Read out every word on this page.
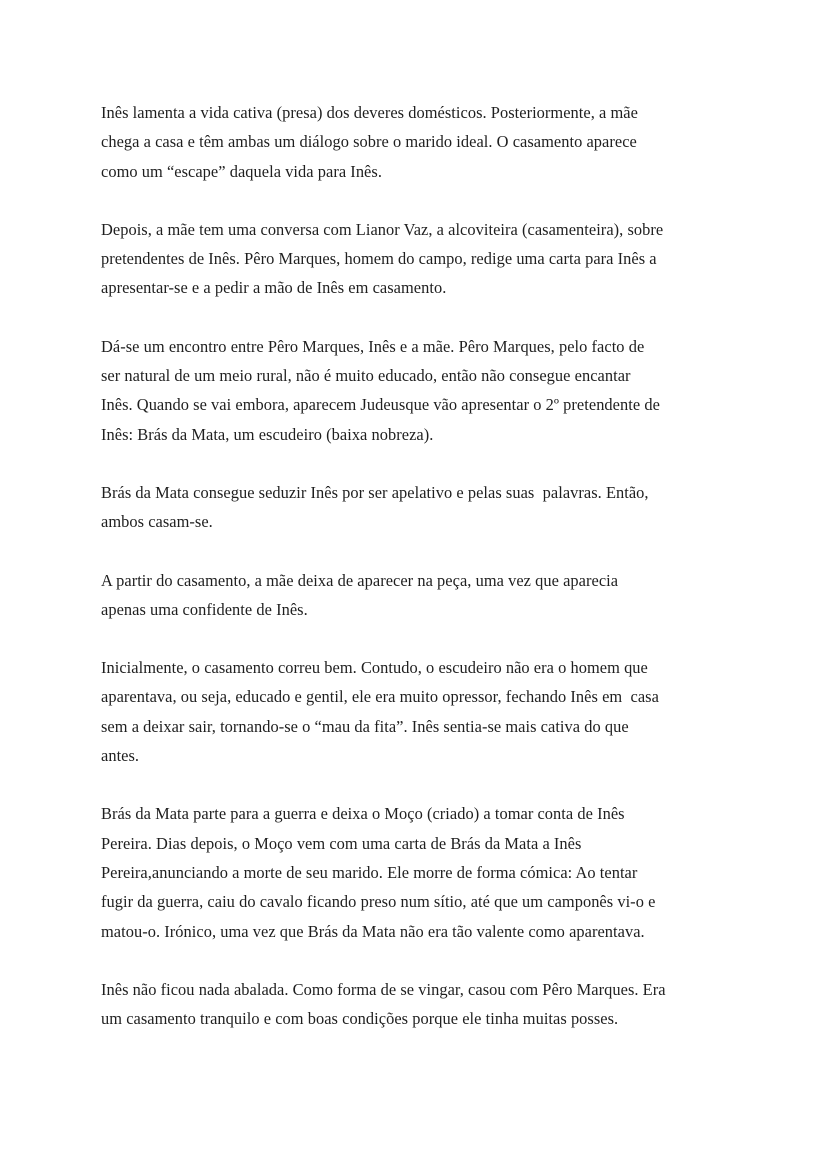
Inês lamenta a vida cativa (presa) dos deveres domésticos. Posteriormente, a mãe
chega a casa e têm ambas um diálogo sobre o marido ideal. O casamento aparece
como um “escape” daquela vida para Inês.

Depois, a mãe tem uma conversa com Lianor Vaz, a alcoviteira (casamenteira), sobre
pretendentes de Inês. Pêro Marques, homem do campo, redige uma carta para Inês a
apresentar-se e a pedir a mão de Inês em casamento.

Dá-se um encontro entre Pêro Marques, Inês e a mãe. Pêro Marques, pelo facto de
ser natural de um meio rural, não é muito educado, então não consegue encantar
Inês. Quando se vai embora, aparecem Judeusque vão apresentar o 2º pretendente de
Inês: Brás da Mata, um escudeiro (baixa nobreza).

Brás da Mata consegue seduzir Inês por ser apelativo e pelas suas  palavras. Então,
ambos casam-se.

A partir do casamento, a mãe deixa de aparecer na peça, uma vez que aparecia
apenas uma confidente de Inês.

Inicialmente, o casamento correu bem. Contudo, o escudeiro não era o homem que
aparentava, ou seja, educado e gentil, ele era muito opressor, fechando Inês em  casa
sem a deixar sair, tornando-se o “mau da fita”. Inês sentia-se mais cativa do que
antes.

Brás da Mata parte para a guerra e deixa o Moço (criado) a tomar conta de Inês
Pereira. Dias depois, o Moço vem com uma carta de Brás da Mata a Inês
Pereira,anunciando a morte de seu marido. Ele morre de forma cómica: Ao tentar
fugir da guerra, caiu do cavalo ficando preso num sítio, até que um camponês vi-o e
matou-o. Irónico, uma vez que Brás da Mata não era tão valente como aparentava.

Inês não ficou nada abalada. Como forma de se vingar, casou com Pêro Marques. Era
um casamento tranquilo e com boas condições porque ele tinha muitas posses.
